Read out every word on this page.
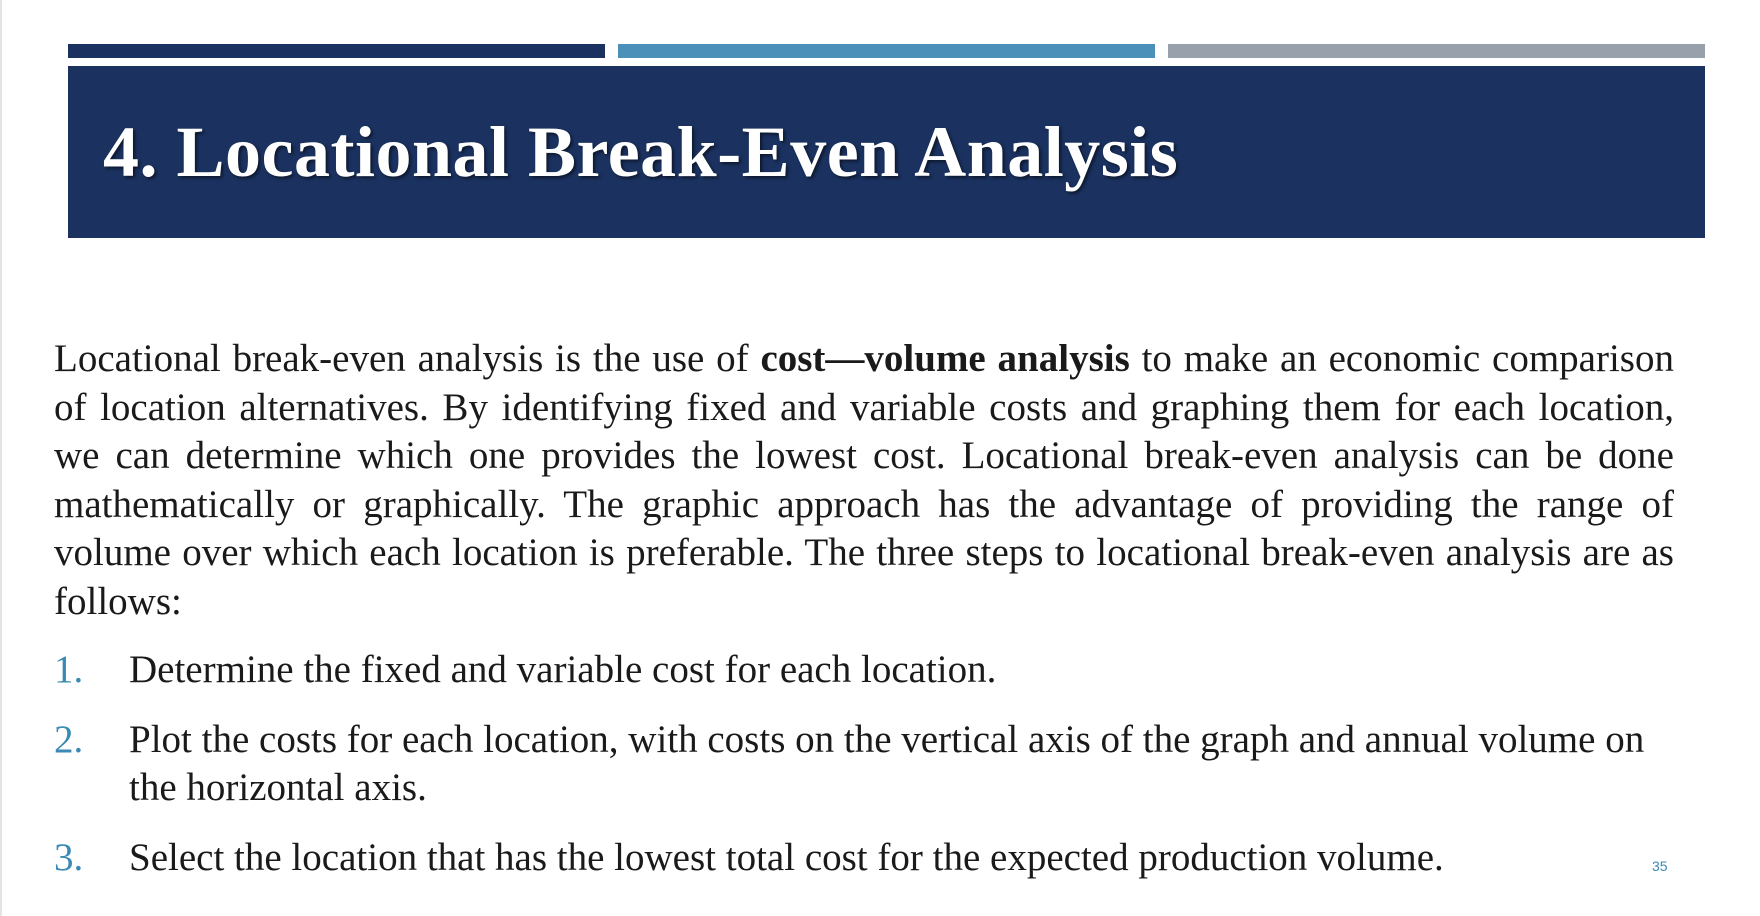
4. Locational Break-Even Analysis

Locational break-even analysis is the use of cost—volume analysis to make an economic comparison of location alternatives. By identifying fixed and variable costs and graphing them for each location, we can determine which one provides the lowest cost. Locational break-even analysis can be done mathematically or graphically. The graphic approach has the advantage of providing the range of volume over which each location is preferable. The three steps to locational break-even analysis are as follows:

1.	Determine the fixed and variable cost for each location.
2.	Plot the costs for each location, with costs on the vertical axis of the graph and annual volume on the horizontal axis.
3.	Select the location that has the lowest total cost for the expected production volume.	35
